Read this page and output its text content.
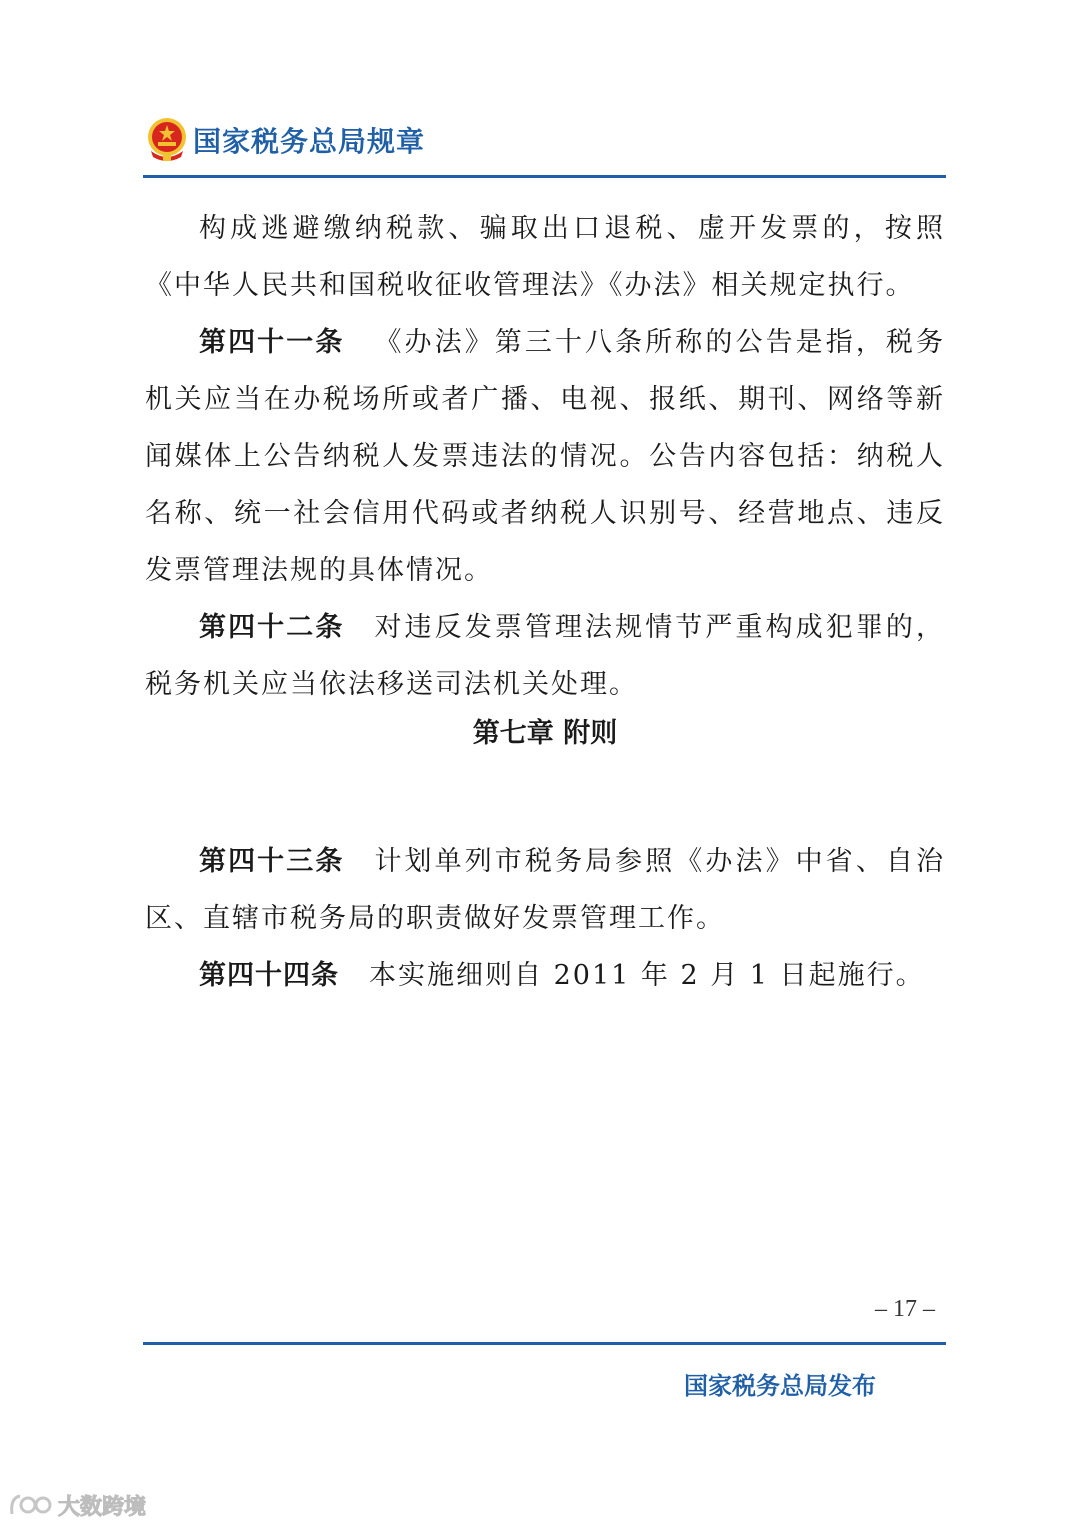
国家税务总局规章

构成逃避缴纳税款、骗取出口退税、虚开发票的，按照《中华人民共和国税收征收管理法》《办法》相关规定执行。

第四十一条 《办法》第三十八条所称的公告是指，税务机关应当在办税场所或者广播、电视、报纸、期刊、网络等新闻媒体上公告纳税人发票违法的情况。公告内容包括：纳税人名称、统一社会信用代码或者纳税人识别号、经营地点、违反发票管理法规的具体情况。

第四十二条 对违反发票管理法规情节严重构成犯罪的，税务机关应当依法移送司法机关处理。

第七章 附则

第四十三条 计划单列市税务局参照《办法》中省、自治区、直辖市税务局的职责做好发票管理工作。

第四十四条 本实施细则自 2011 年 2 月 1 日起施行。

– 17 –
国家税务总局发布
大数跨境
